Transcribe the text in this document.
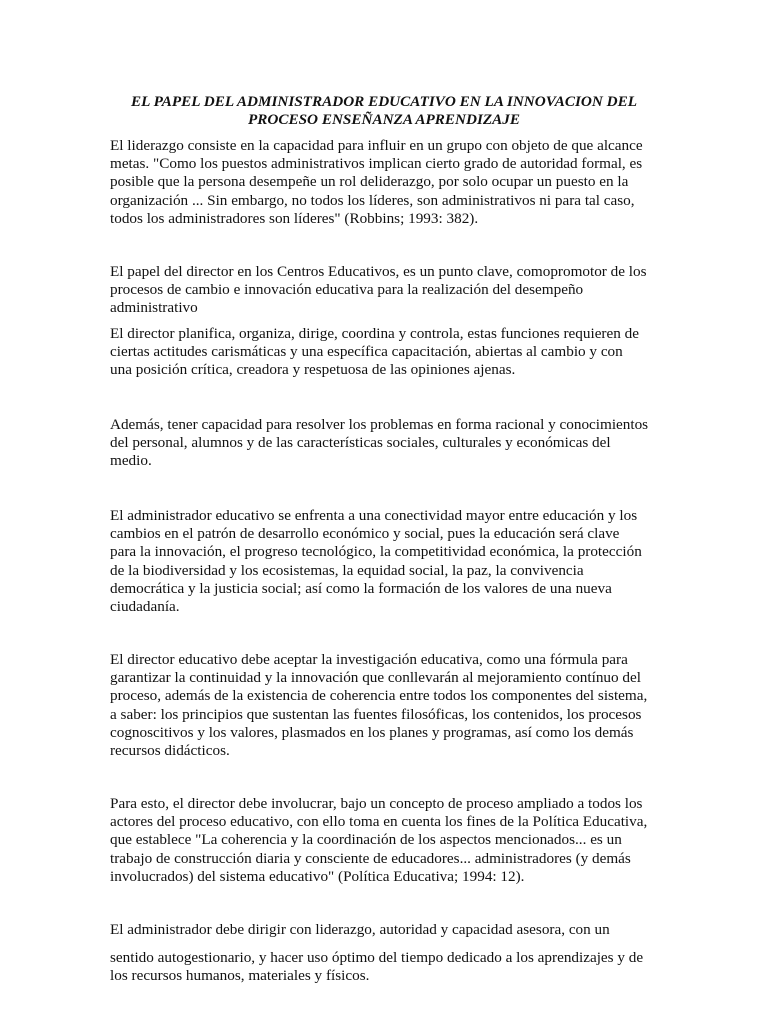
EL PAPEL DEL ADMINISTRADOR EDUCATIVO EN LA INNOVACION DEL
PROCESO ENSEÑANZA APRENDIZAJE

El liderazgo consiste en la capacidad para influir en un grupo con objeto de que alcance
metas. "Como los puestos administrativos implican cierto grado de autoridad formal, es
posible que la persona desempeñe un rol deliderazgo, por solo ocupar un puesto en la
organización ... Sin embargo, no todos los líderes, son administrativos ni para tal caso,
todos los administradores son líderes" (Robbins; 1993: 382).

El papel del director en los Centros Educativos, es un punto clave, comopromotor de los
procesos de cambio e innovación educativa para la realización del desempeño
administrativo

El director planifica, organiza, dirige, coordina y controla, estas funciones requieren de
ciertas actitudes carismáticas y una específica capacitación, abiertas al cambio y con
una posición crítica, creadora y respetuosa de las opiniones ajenas.

Además, tener capacidad para resolver los problemas en forma racional y conocimientos
del personal, alumnos y de las características sociales, culturales y económicas del
medio.

El administrador educativo se enfrenta a una conectividad mayor entre educación y los
cambios en el patrón de desarrollo económico y social, pues la educación será clave
para la innovación, el progreso tecnológico, la competitividad económica, la protección
de la biodiversidad y los ecosistemas, la equidad social, la paz, la convivencia
democrática y la justicia social; así como la formación de los valores de una nueva
ciudadanía.

El director educativo debe aceptar la investigación educativa, como una fórmula para
garantizar la continuidad y la innovación que conllevarán al mejoramiento contínuo del
proceso, además de la existencia de coherencia entre todos los componentes del sistema,
a saber: los principios que sustentan las fuentes filosóficas, los contenidos, los procesos
cognoscitivos y los valores, plasmados en los planes y programas, así como los demás
recursos didácticos.

Para esto, el director debe involucrar, bajo un concepto de proceso ampliado a todos los
actores del proceso educativo, con ello toma en cuenta los fines de la Política Educativa,
que establece "La coherencia y la coordinación de los aspectos mencionados... es un
trabajo de construcción diaria y consciente de educadores... administradores (y demás
involucrados) del sistema educativo" (Política Educativa; 1994: 12).

El administrador debe dirigir con liderazgo, autoridad y capacidad asesora, con un

sentido autogestionario, y hacer uso óptimo del tiempo dedicado a los aprendizajes y de
los recursos humanos, materiales y físicos.
